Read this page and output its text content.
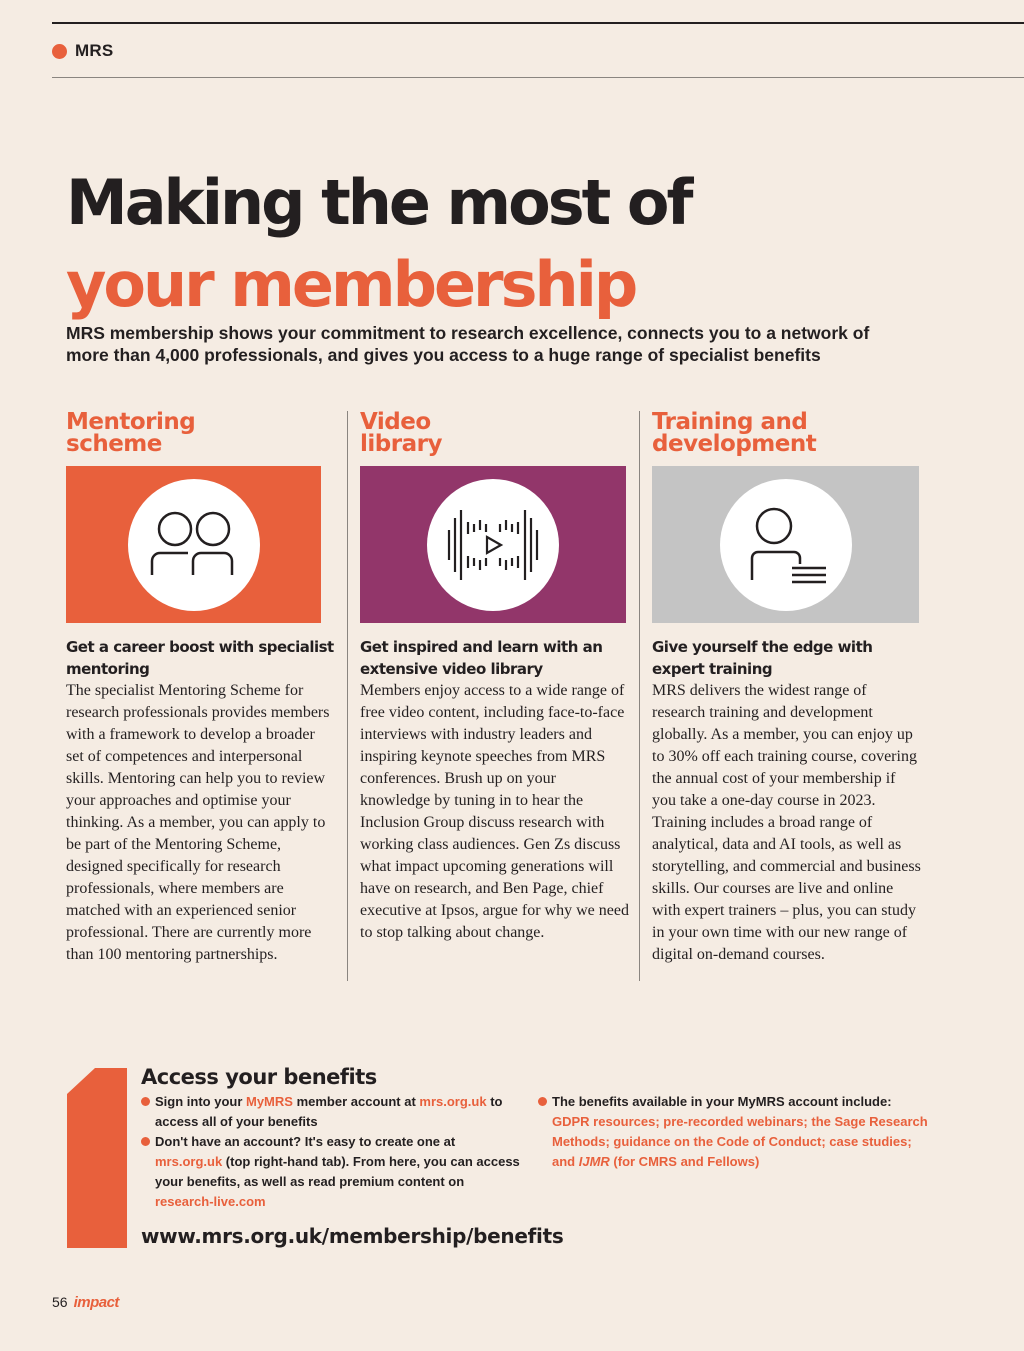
MRS
Making the most of
your membership

MRS membership shows your commitment to research excellence, connects you to a network of more than 4,000 professionals, and gives you access to a huge range of specialist benefits

Mentoring
scheme
Get a career boost with specialist mentoring

The specialist Mentoring Scheme for research professionals provides members with a framework to develop a broader set of competences and interpersonal skills. Mentoring can help you to review your approaches and optimise your thinking. As a member, you can apply to be part of the Mentoring Scheme, designed specifically for research professionals, where members are matched with an experienced senior professional. There are currently more than 100 mentoring partnerships.

Video
library
Get inspired and learn with an extensive video library

Members enjoy access to a wide range of free video content, including face-to-face interviews with industry leaders and inspiring keynote speeches from MRS conferences. Brush up on your knowledge by tuning in to hear the Inclusion Group discuss research with working class audiences. Gen Zs discuss what impact upcoming generations will have on research, and Ben Page, chief executive at Ipsos, argue for why we need to stop talking about change.

Training and
development
Give yourself the edge with expert training

MRS delivers the widest range of research training and development globally. As a member, you can enjoy up to 30% off each training course, covering the annual cost of your membership if you take a one-day course in 2023. Training includes a broad range of analytical, data and AI tools, as well as storytelling, and commercial and business skills. Our courses are live and online with expert trainers – plus, you can study in your own time with our new range of digital on-demand courses.

Access your benefits
Sign into your MyMRS member account at mrs.org.uk to access all of your benefits
Don't have an account? It's easy to create one at mrs.org.uk (top right-hand tab). From here, you can access your benefits, as well as read premium content on research-live.com
The benefits available in your MyMRS account include: GDPR resources; pre-recorded webinars; the Sage Research Methods; guidance on the Code of Conduct; case studies; and IJMR (for CMRS and Fellows)
www.mrs.org.uk/membership/benefits
56 impact
